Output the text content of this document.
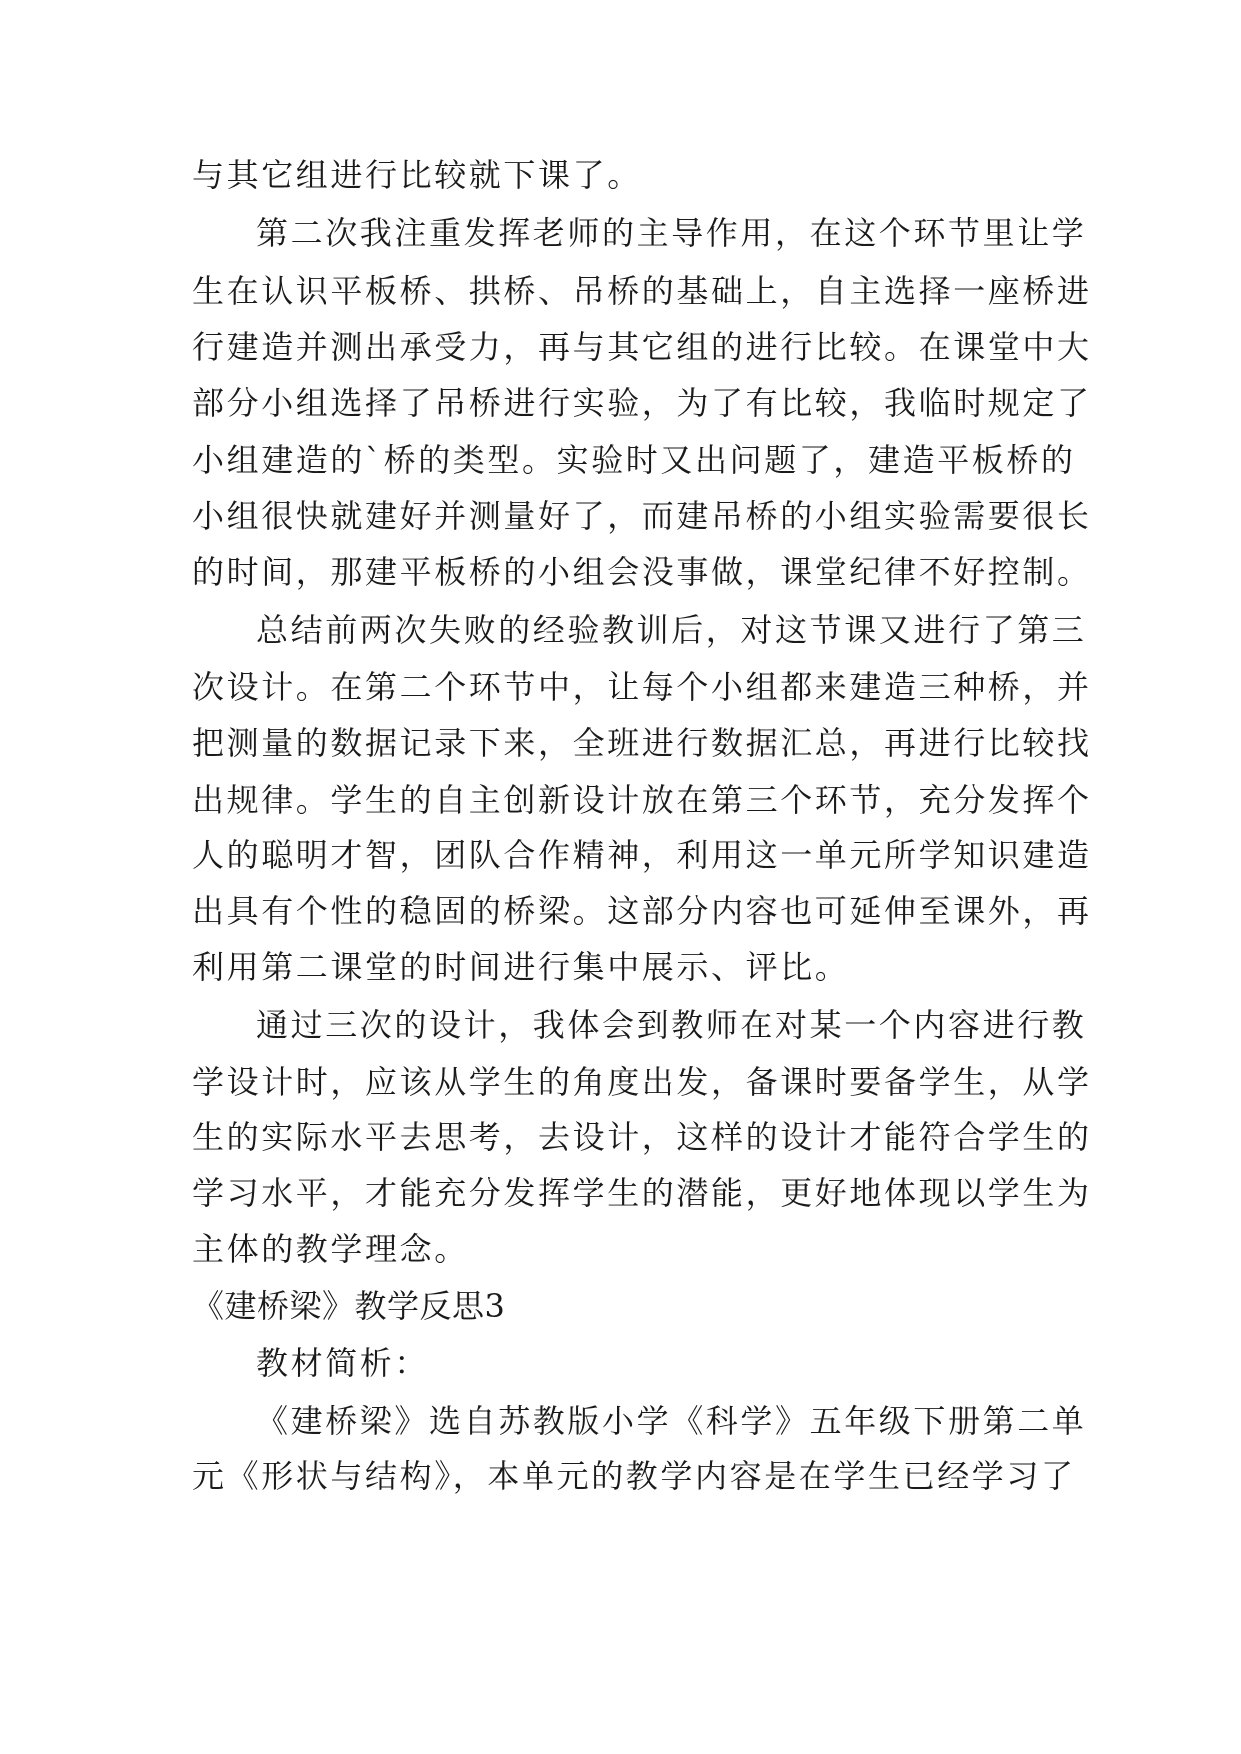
与其它组进行比较就下课了。
第二次我注重发挥老师的主导作用，在这个环节里让学
生在认识平板桥、拱桥、吊桥的基础上，自主选择一座桥进
行建造并测出承受力，再与其它组的进行比较。在课堂中大
部分小组选择了吊桥进行实验，为了有比较，我临时规定了
小组建造的`桥的类型。实验时又出问题了，建造平板桥的
小组很快就建好并测量好了，而建吊桥的小组实验需要很长
的时间，那建平板桥的小组会没事做，课堂纪律不好控制。
总结前两次失败的经验教训后，对这节课又进行了第三
次设计。在第二个环节中，让每个小组都来建造三种桥，并
把测量的数据记录下来，全班进行数据汇总，再进行比较找
出规律。学生的自主创新设计放在第三个环节，充分发挥个
人的聪明才智，团队合作精神，利用这一单元所学知识建造
出具有个性的稳固的桥梁。这部分内容也可延伸至课外，再
利用第二课堂的时间进行集中展示、评比。
通过三次的设计，我体会到教师在对某一个内容进行教
学设计时，应该从学生的角度出发，备课时要备学生，从学
生的实际水平去思考，去设计，这样的设计才能符合学生的
学习水平，才能充分发挥学生的潜能，更好地体现以学生为
主体的教学理念。
《建桥梁》教学反思3
教材简析：
《建桥梁》选自苏教版小学《科学》五年级下册第二单
元《形状与结构》，本单元的教学内容是在学生已经学习了
